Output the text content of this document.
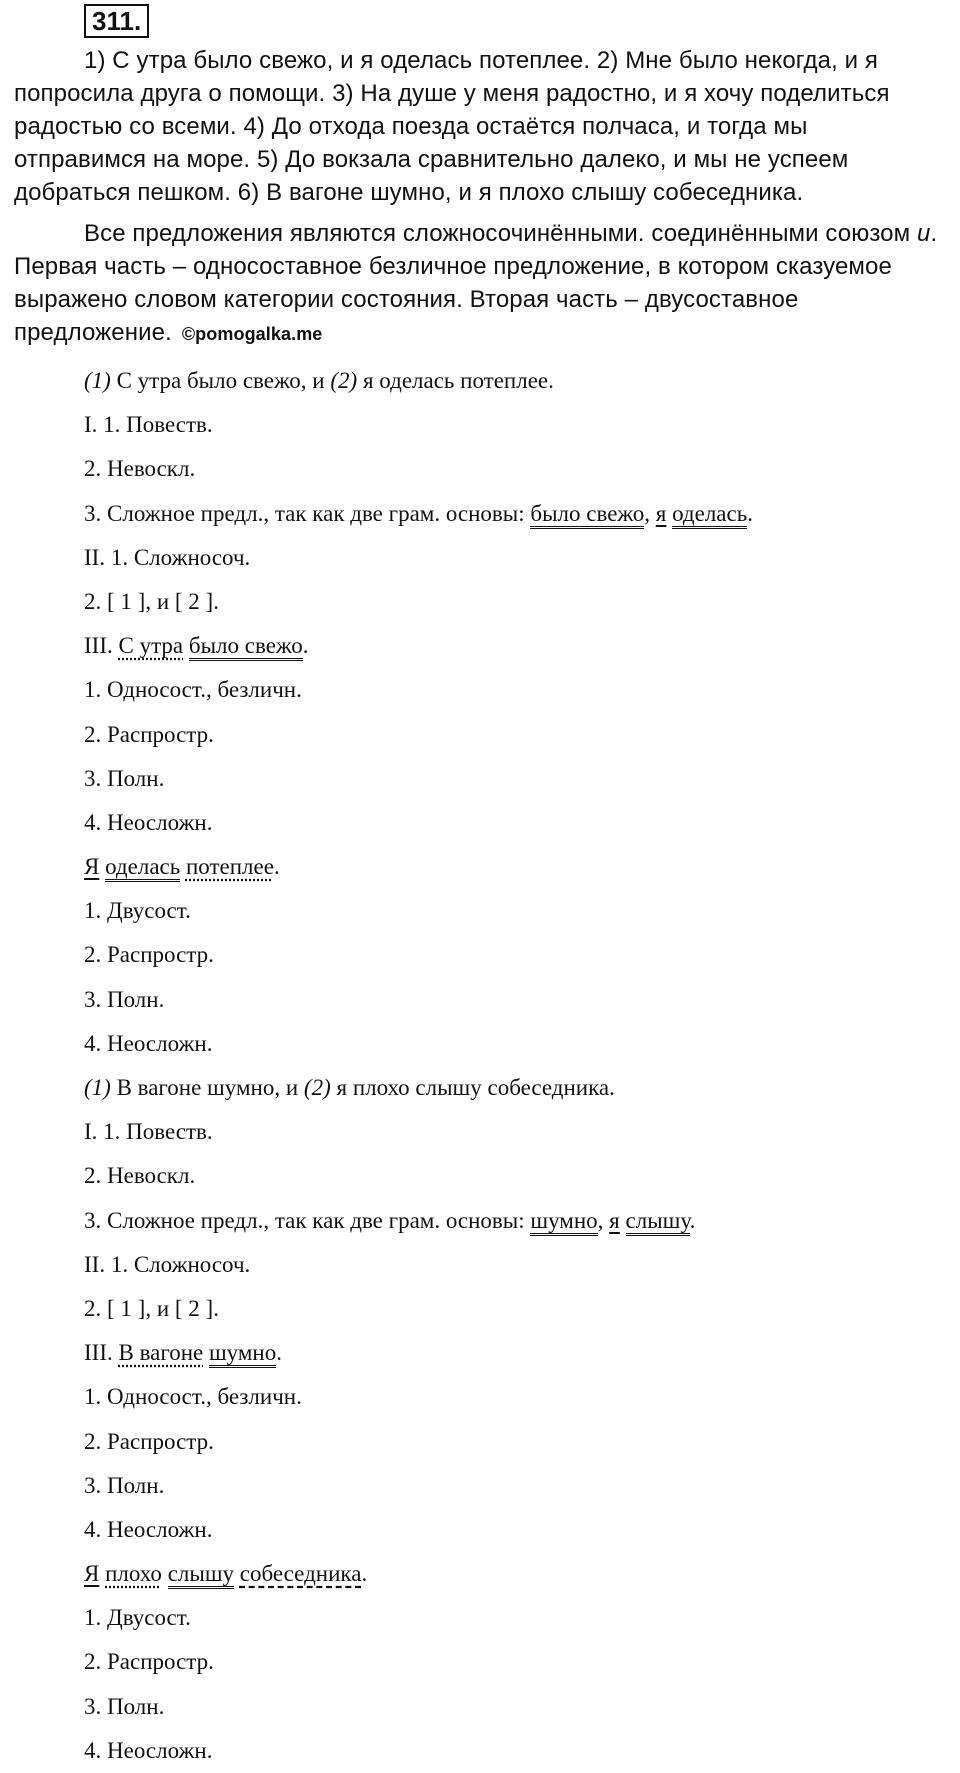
311.

1) С утра было свежо, и я оделась потеплее. 2) Мне было некогда, и я попросила друга о помощи. 3) На душе у меня радостно, и я хочу поделиться радостью со всеми. 4) До отхода поезда остаётся полчаса, и тогда мы отправимся на море. 5) До вокзала сравнительно далеко, и мы не успеем добраться пешком. 6) В вагоне шумно, и я плохо слышу собеседника.

Все предложения являются сложносочинёнными. соединёнными союзом и. Первая часть – односоставное безличное предложение, в котором сказуемое выражено словом категории состояния. Вторая часть – двусоставное предложение. ©pomogalka.me

(1) С утра было свежо, и (2) я оделась потеплее.
I. 1. Повеств.
2. Невоскл.
3. Сложное предл., так как две грам. основы: было свежо, я оделась.
II. 1. Сложносоч.
2. [ 1 ], и [ 2 ].
III. С утра было свежо.
1. Односост., безличн.
2. Распростр.
3. Полн.
4. Неосложн.
Я оделась потеплее.
1. Двусост.
2. Распростр.
3. Полн.
4. Неосложн.
(1) В вагоне шумно, и (2) я плохо слышу собеседника.
I. 1. Повеств.
2. Невоскл.
3. Сложное предл., так как две грам. основы: шумно, я слышу.
II. 1. Сложносоч.
2. [ 1 ], и [ 2 ].
III. В вагоне шумно.
1. Односост., безличн.
2. Распростр.
3. Полн.
4. Неосложн.
Я плохо слышу собеседника.
1. Двусост.
2. Распростр.
3. Полн.
4. Неосложн.
